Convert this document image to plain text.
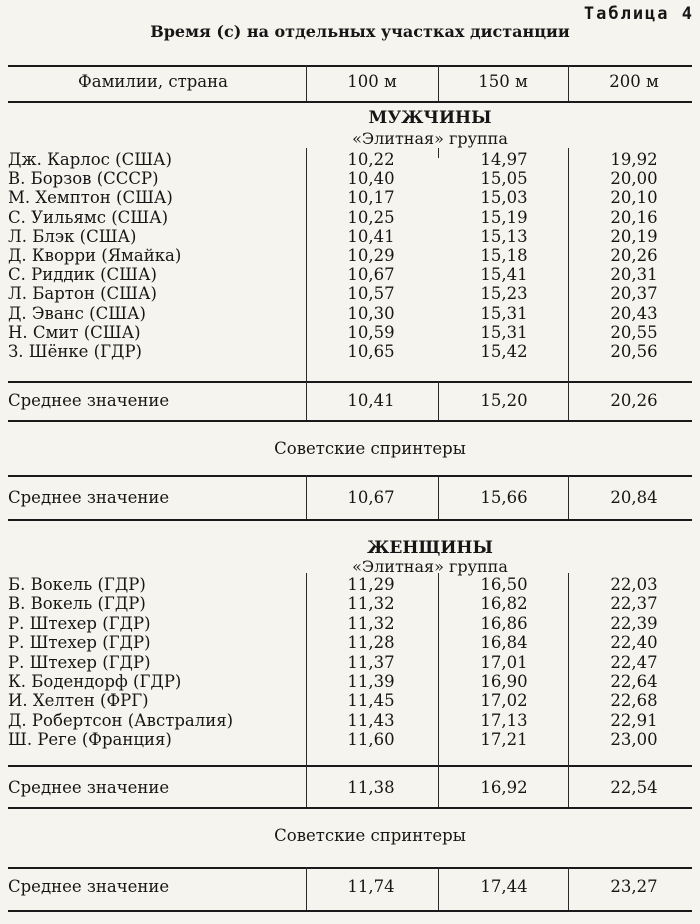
Таблица 4
Время (с) на отдельных участках дистанции
Фамилии, страна	100 м	150 м	200 м
МУЖЧИНЫ
«Элитная» группа
Дж. Карлос (США)	10,22	14,97	19,92
В. Борзов (СССР)	10,40	15,05	20,00
М. Хемптон (США)	10,17	15,03	20,10
С. Уильямс (США)	10,25	15,19	20,16
Л. Блэк (США)	10,41	15,13	20,19
Д. Кворри (Ямайка)	10,29	15,18	20,26
С. Риддик (США)	10,67	15,41	20,31
Л. Бартон (США)	10,57	15,23	20,37
Д. Эванс (США)	10,30	15,31	20,43
Н. Смит (США)	10,59	15,31	20,55
З. Шёнке (ГДР)	10,65	15,42	20,56
Среднее значение	10,41	15,20	20,26
Советские спринтеры
Среднее значение	10,67	15,66	20,84
ЖЕНЩИНЫ
«Элитная» группа
Б. Вокель (ГДР)	11,29	16,50	22,03
В. Вокель (ГДР)	11,32	16,82	22,37
Р. Штехер (ГДР)	11,32	16,86	22,39
Р. Штехер (ГДР)	11,28	16,84	22,40
Р. Штехер (ГДР)	11,37	17,01	22,47
К. Бодендорф (ГДР)	11,39	16,90	22,64
И. Хелтен (ФРГ)	11,45	17,02	22,68
Д. Робертсон (Австралия)	11,43	17,13	22,91
Ш. Реге (Франция)	11,60	17,21	23,00
Среднее значение	11,38	16,92	22,54
Советские спринтеры
Среднее значение	11,74	17,44	23,27
